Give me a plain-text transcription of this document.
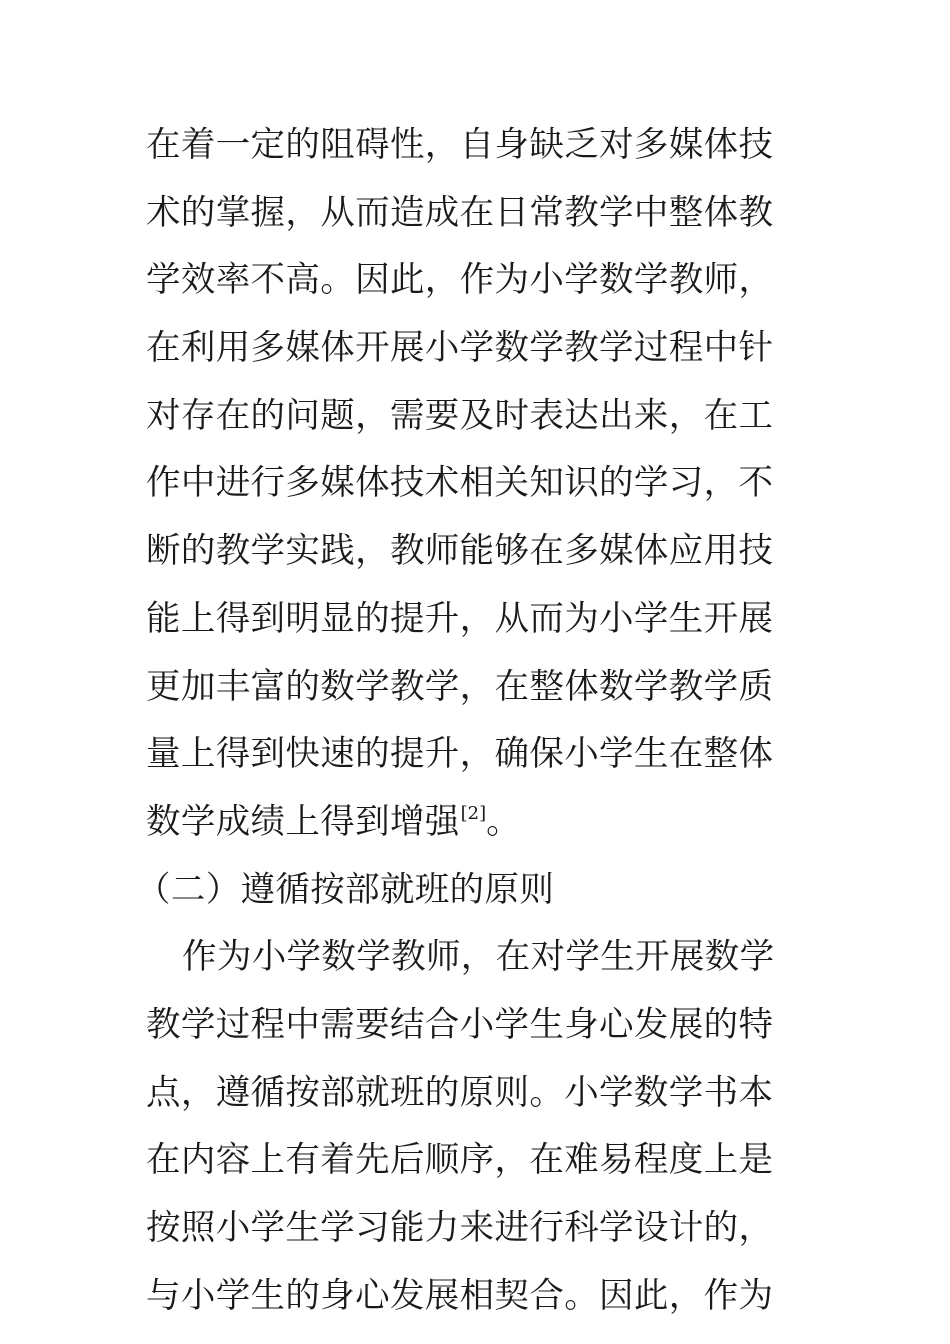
在着一定的阻碍性，自身缺乏对多媒体技
术的掌握，从而造成在日常教学中整体教
学效率不高。因此，作为小学数学教师，
在利用多媒体开展小学数学教学过程中针
对存在的问题，需要及时表达出来，在工
作中进行多媒体技术相关知识的学习，不
断的教学实践，教师能够在多媒体应用技
能上得到明显的提升，从而为小学生开展
更加丰富的数学教学，在整体数学教学质
量上得到快速的提升，确保小学生在整体
数学成绩上得到增强[2]。
（二）遵循按部就班的原则
作为小学数学教师，在对学生开展数学
教学过程中需要结合小学生身心发展的特
点，遵循按部就班的原则。小学数学书本
在内容上有着先后顺序，在难易程度上是
按照小学生学习能力来进行科学设计的，
与小学生的身心发展相契合。因此，作为
